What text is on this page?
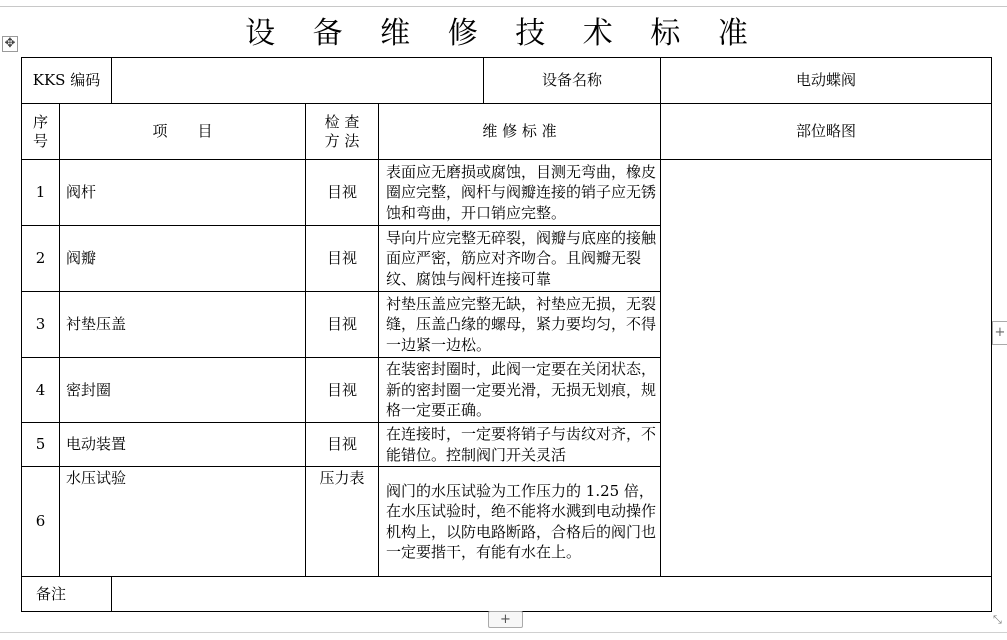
设 备 维 修 技 术 标 准
✥
KKS 编码					设备名称	电动蝶阀
序号	项　　目		检 查 方 法	维 修 标 准		部位略图
1	阀杆		目视	表面应无磨损或腐蚀，目测无弯曲，橡皮圈应完整，阀杆与阀瓣连接的销子应无锈蚀和弯曲，开口销应完整。		
2	阀瓣		目视	导向片应完整无碎裂，阀瓣与底座的接触面应严密，筋应对齐吻合。且阀瓣无裂纹、腐蚀与阀杆连接可靠		
3	衬垫压盖		目视	衬垫压盖应完整无缺，衬垫应无损，无裂缝，压盖凸缘的螺母，紧力要均匀，不得一边紧一边松。		
4	密封圈		目视	在装密封圈时，此阀一定要在关闭状态，新的密封圈一定要光滑，无损无划痕，规格一定要正确。		
5	电动装置		目视	在连接时，一定要将销子与齿纹对齐，不能错位。控制阀门开关灵活		
6	水压试验		压力表	阀门的水压试验为工作压力的 1.25 倍，在水压试验时，绝不能将水溅到电动操作机构上，以防电路断路，合格后的阀门也一定要揩干，有能有水在上。		
备注						
+
+	⤡
